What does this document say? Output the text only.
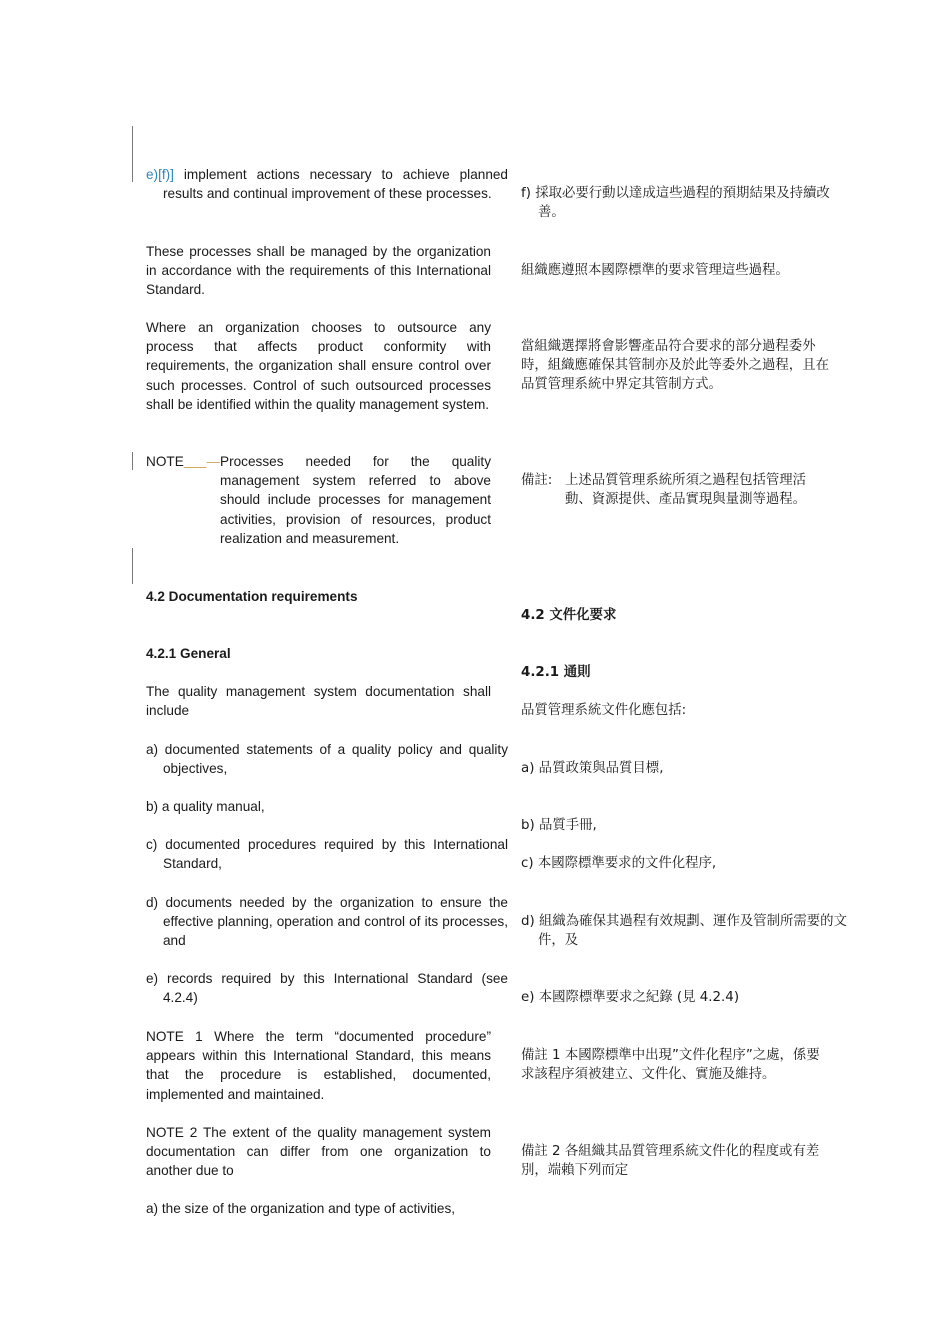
e)[f)] implement actions necessary to achieve planned results and continual improvement of these processes.
These processes shall be managed by the organization in accordance with the requirements of this International Standard.
Where an organization chooses to outsource any process that affects product conformity with requirements, the organization shall ensure control over such processes. Control of such outsourced processes shall be identified within the quality management system.
NOTE — Processes needed for the quality management system referred to above should include processes for management activities, provision of resources, product realization and measurement.
4.2 Documentation requirements
4.2.1 General
The quality management system documentation shall include
a) documented statements of a quality policy and quality objectives,
b) a quality manual,
c) documented procedures required by this International Standard,
d) documents needed by the organization to ensure the effective planning, operation and control of its processes, and
e) records required by this International Standard (see 4.2.4)
NOTE 1 Where the term “documented procedure” appears within this International Standard, this means that the procedure is established, documented, implemented and maintained.
NOTE 2 The extent of the quality management system documentation can differ from one organization to another due to
a) the size of the organization and type of activities,
f) 採取必要行動以達成這些過程的預期結果及持續改善。
組織應遵照本國際標準的要求管理這些過程。
當組織選擇將會影響產品符合要求的部分過程委外時，組織應確保其管制亦及於此等委外之過程，且在品質管理系統中界定其管制方式。
備註: 上述品質管理系統所須之過程包括管理活動、資源提供、產品實現與量測等過程。
4.2 文件化要求
4.2.1 通則
品質管理系統文件化應包括:
a) 品質政策與品質目標,
b) 品質手冊,
c) 本國際標準要求的文件化程序,
d) 組織為確保其過程有效規劃、運作及管制所需要的文件，及
e) 本國際標準要求之紀錄 (見 4.2.4)
備註 1 本國際標準中出現”文件化程序”之處，係要求該程序須被建立、文件化、實施及維持。
備註 2 各組織其品質管理系統文件化的程度或有差別，端賴下列而定
